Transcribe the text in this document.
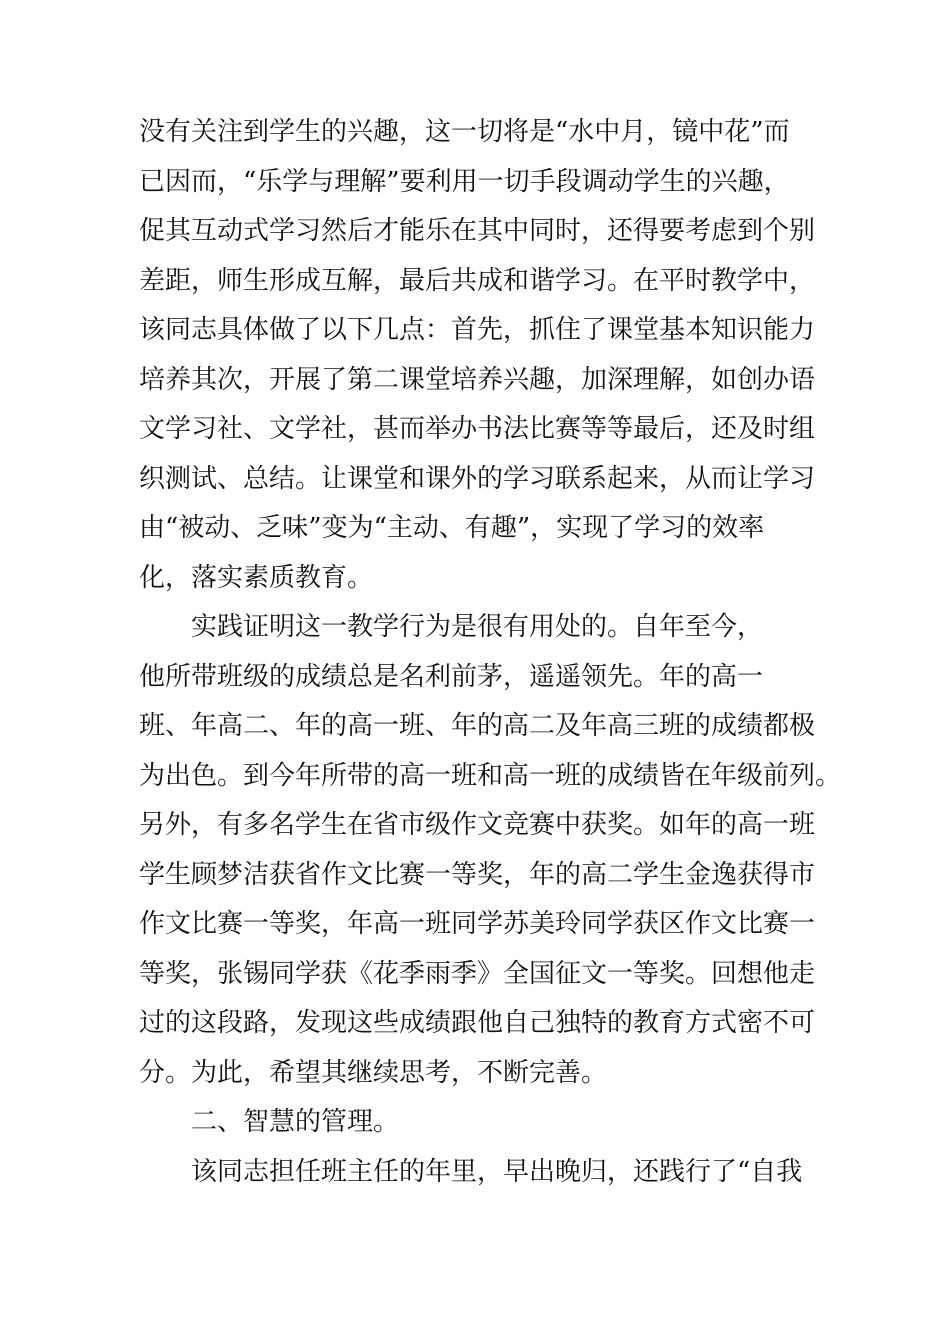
没有关注到学生的兴趣，这一切将是“水中月，镜中花”而
已因而，“乐学与理解”要利用一切手段调动学生的兴趣，
促其互动式学习然后才能乐在其中同时，还得要考虑到个别
差距，师生形成互解，最后共成和谐学习。在平时教学中，
该同志具体做了以下几点：首先，抓住了课堂基本知识能力
培养其次，开展了第二课堂培养兴趣，加深理解，如创办语
文学习社、文学社，甚而举办书法比赛等等最后，还及时组
织测试、总结。让课堂和课外的学习联系起来，从而让学习
由“被动、乏味”变为“主动、有趣”，实现了学习的效率
化，落实素质教育。
实践证明这一教学行为是很有用处的。自年至今，
他所带班级的成绩总是名利前茅，遥遥领先。年的高一
班、年高二、年的高一班、年的高二及年高三班的成绩都极
为出色。到今年所带的高一班和高一班的成绩皆在年级前列。
另外，有多名学生在省市级作文竞赛中获奖。如年的高一班
学生顾梦洁获省作文比赛一等奖，年的高二学生金逸获得市
作文比赛一等奖，年高一班同学苏美玲同学获区作文比赛一
等奖，张锡同学获《花季雨季》全国征文一等奖。回想他走
过的这段路，发现这些成绩跟他自己独特的教育方式密不可
分。为此，希望其继续思考，不断完善。
二、智慧的管理。
该同志担任班主任的年里，早出晚归，还践行了“自我
